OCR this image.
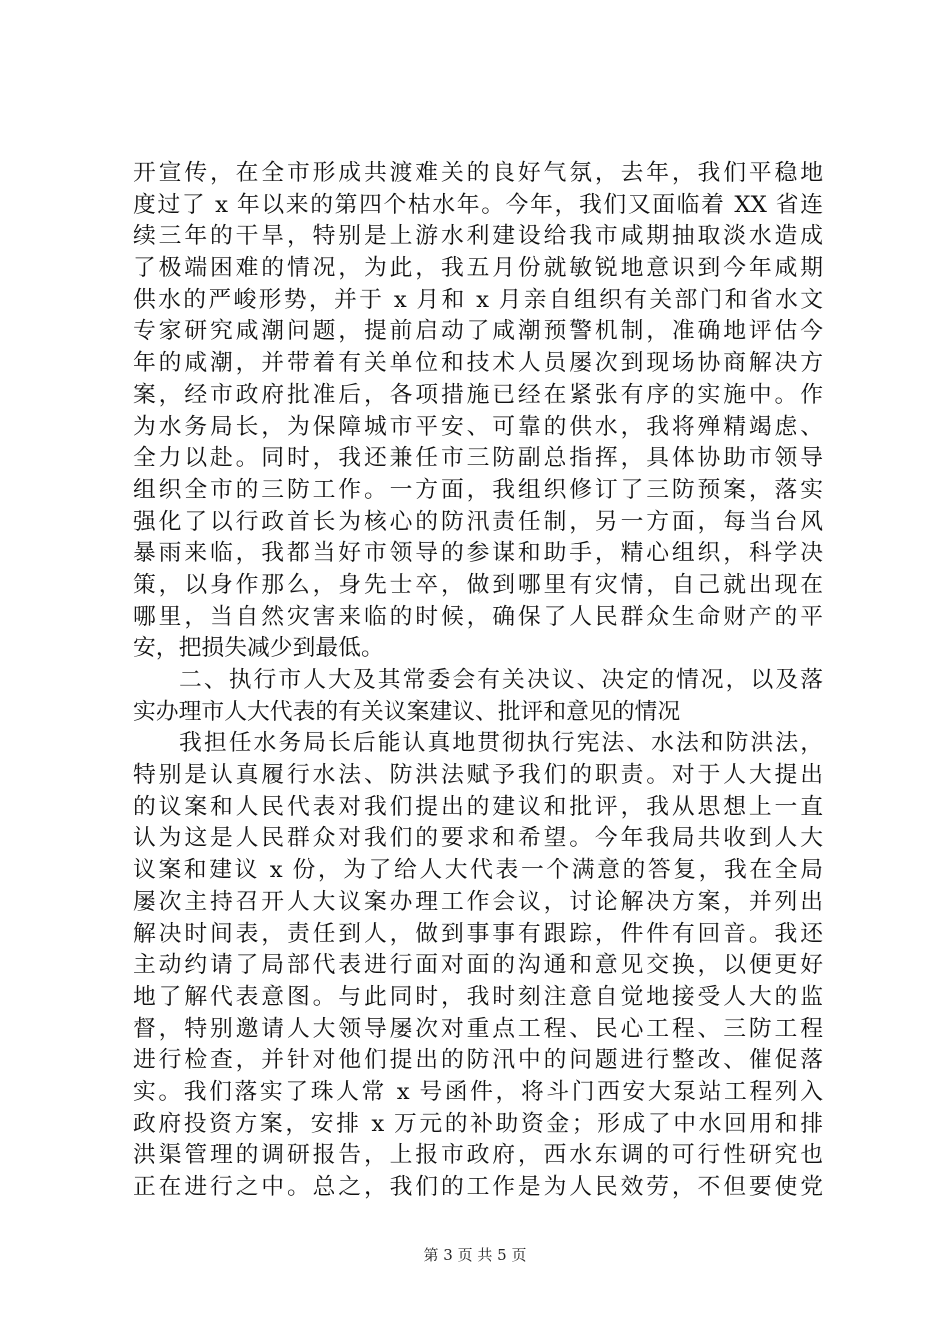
开宣传，在全市形成共渡难关的良好气氛，去年，我们平稳地
度过了 x 年以来的第四个枯水年。今年，我们又面临着 XX 省连
续三年的干旱，特别是上游水利建设给我市咸期抽取淡水造成
了极端困难的情况，为此，我五月份就敏锐地意识到今年咸期
供水的严峻形势，并于 x 月和 x 月亲自组织有关部门和省水文
专家研究咸潮问题，提前启动了咸潮预警机制，准确地评估今
年的咸潮，并带着有关单位和技术人员屡次到现场协商解决方
案，经市政府批准后，各项措施已经在紧张有序的实施中。作
为水务局长，为保障城市平安、可靠的供水，我将殚精竭虑、
全力以赴。同时，我还兼任市三防副总指挥，具体协助市领导
组织全市的三防工作。一方面，我组织修订了三防预案，落实
强化了以行政首长为核心的防汛责任制，另一方面，每当台风
暴雨来临，我都当好市领导的参谋和助手，精心组织，科学决
策，以身作那么，身先士卒，做到哪里有灾情，自己就出现在
哪里，当自然灾害来临的时候，确保了人民群众生命财产的平
安，把损失减少到最低。
二、执行市人大及其常委会有关决议、决定的情况，以及落
实办理市人大代表的有关议案建议、批评和意见的情况
我担任水务局长后能认真地贯彻执行宪法、水法和防洪法，
特别是认真履行水法、防洪法赋予我们的职责。对于人大提出
的议案和人民代表对我们提出的建议和批评，我从思想上一直
认为这是人民群众对我们的要求和希望。今年我局共收到人大
议案和建议 x 份，为了给人大代表一个满意的答复，我在全局
屡次主持召开人大议案办理工作会议，讨论解决方案，并列出
解决时间表，责任到人，做到事事有跟踪，件件有回音。我还
主动约请了局部代表进行面对面的沟通和意见交换，以便更好
地了解代表意图。与此同时，我时刻注意自觉地接受人大的监
督，特别邀请人大领导屡次对重点工程、民心工程、三防工程
进行检查，并针对他们提出的防汛中的问题进行整改、催促落
实。我们落实了珠人常 x 号函件，将斗门西安大泵站工程列入
政府投资方案，安排 x 万元的补助资金；形成了中水回用和排
洪渠管理的调研报告，上报市政府，西水东调的可行性研究也
正在进行之中。总之，我们的工作是为人民效劳，不但要使党
第 3 页 共 5 页
